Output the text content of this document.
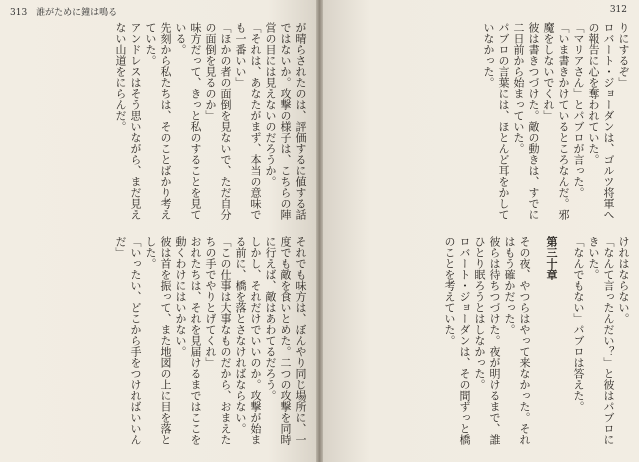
313 誰がために鐘は鳴る

が晴らされたのは、評価するに値する話ではないか。攻撃の様子は、こちらの陣営の目には見えないのだろうか。

「それは、あなたがまず、本当の意味でも一番いい」

「ほかの者の面倒を見ないで、ただ自分の面倒を見るのか」

味方だって、きっと私のすることを見ている。

先刻から私たちは、そのことばかり考えていた。

アンドレスはそう思いながら、まだ見えない山道をにらんだ。

それでも味方は、ぼんやり同じ場所に、一度でも敵を食いとめた。二つの攻撃を同時に行えば、敵はあわてるだろう。

しかし、それだけでいいのか。攻撃が始まる前に、橋を落とさなければならない。

「この仕事は大事なものだから、おまえたちの手でやりとげてくれ」

おれたちは、それを見届けるまではここを動くわけにはいかない。

彼は首を振って、また地図の上に目を落とした。

「いったい、どこから手をつければいいんだ」

312

りにするぞ」

ロバート・ジョーダンは、ゴルツ将軍への報告に心を奪われていた。

「マリアさん」とパブロが言った。

「いま書きかけているところなんだ。邪魔をしないでくれ」

彼は書きつづけた。敵の動きは、すでに二日前から始まっていた。

パブロの言葉には、ほとんど耳をかしていなかった。

けれはならない。

「なんて言ったんだい？」と彼はパブロにきいた。

「なんでもない」パブロは答えた。

第三十章

その夜、やつらはやって来なかった。それはもう確かだった。

彼らは待ちつづけた。夜が明けるまで、誰ひとり眠ろうとはしなかった。

ロバート・ジョーダンは、その間ずっと橋のことを考えていた。
